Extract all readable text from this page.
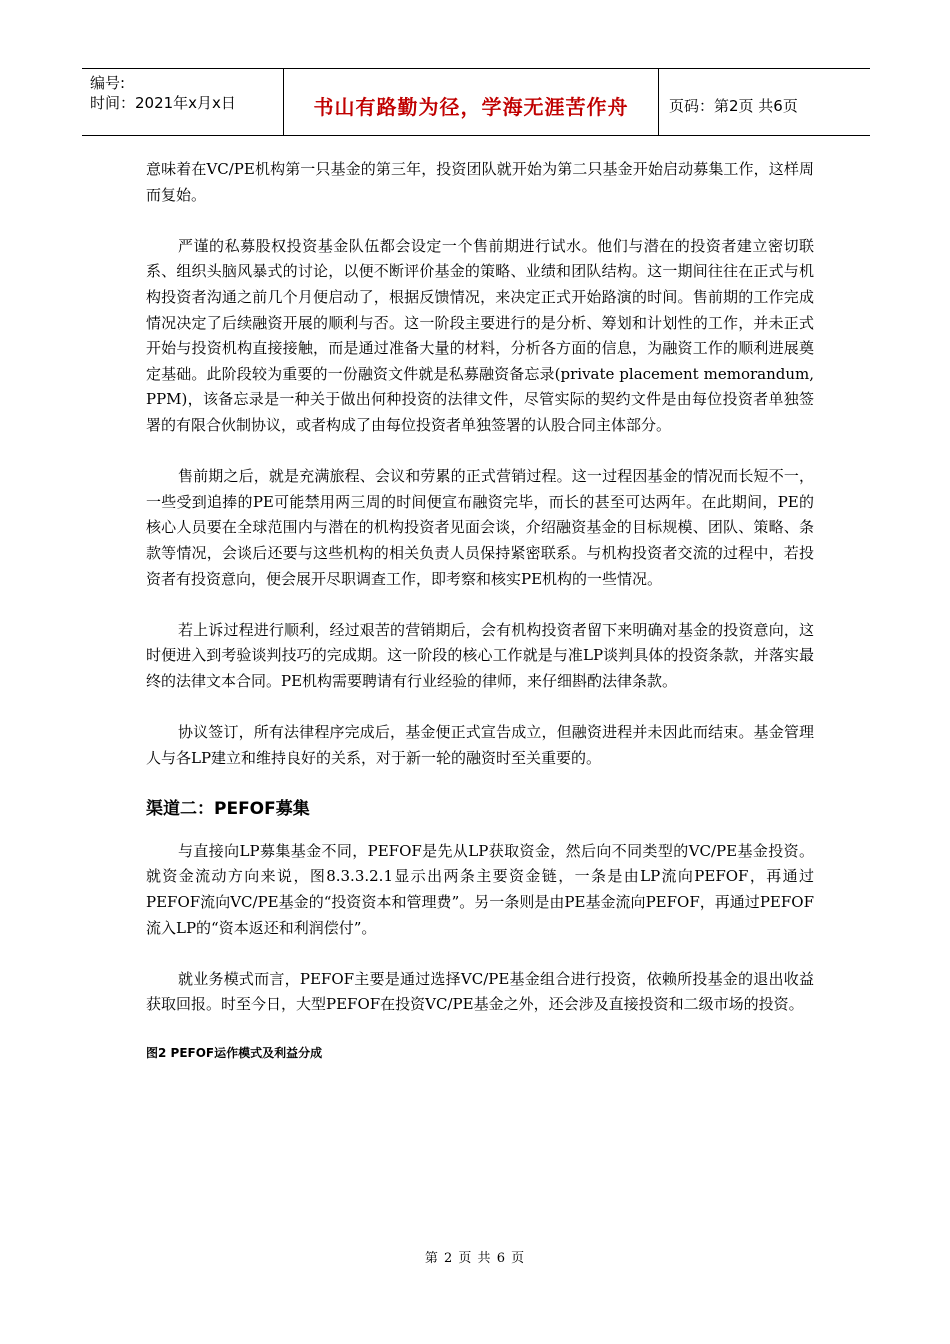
编号:
时间：2021年x月x日	书山有路勤为径，学海无涯苦作舟	页码：第2页 共6页

意味着在VC/PE机构第一只基金的第三年，投资团队就开始为第二只基金开始启动募集工作，这样周而复始。

严谨的私募股权投资基金队伍都会设定一个售前期进行试水。他们与潜在的投资者建立密切联系、组织头脑风暴式的讨论，以便不断评价基金的策略、业绩和团队结构。这一期间往往在正式与机构投资者沟通之前几个月便启动了，根据反馈情况，来决定正式开始路演的时间。售前期的工作完成情况决定了后续融资开展的顺利与否。这一阶段主要进行的是分析、筹划和计划性的工作，并未正式开始与投资机构直接接触，而是通过准备大量的材料，分析各方面的信息，为融资工作的顺利进展奠定基础。此阶段较为重要的一份融资文件就是私募融资备忘录(private placement memorandum, PPM)，该备忘录是一种关于做出何种投资的法律文件，尽管实际的契约文件是由每位投资者单独签署的有限合伙制协议，或者构成了由每位投资者单独签署的认股合同主体部分。

售前期之后，就是充满旅程、会议和劳累的正式营销过程。这一过程因基金的情况而长短不一，一些受到追捧的PE可能禁用两三周的时间便宣布融资完毕，而长的甚至可达两年。在此期间，PE的核心人员要在全球范围内与潜在的机构投资者见面会谈，介绍融资基金的目标规模、团队、策略、条款等情况，会谈后还要与这些机构的相关负责人员保持紧密联系。与机构投资者交流的过程中，若投资者有投资意向，便会展开尽职调查工作，即考察和核实PE机构的一些情况。

若上诉过程进行顺利，经过艰苦的营销期后，会有机构投资者留下来明确对基金的投资意向，这时便进入到考验谈判技巧的完成期。这一阶段的核心工作就是与准LP谈判具体的投资条款，并落实最终的法律文本合同。PE机构需要聘请有行业经验的律师，来仔细斟酌法律条款。

协议签订，所有法律程序完成后，基金便正式宣告成立，但融资进程并未因此而结束。基金管理人与各LP建立和维持良好的关系，对于新一轮的融资时至关重要的。

渠道二：PEFOF募集

与直接向LP募集基金不同，PEFOF是先从LP获取资金，然后向不同类型的VC/PE基金投资。就资金流动方向来说，图8.3.3.2.1显示出两条主要资金链，一条是由LP流向PEFOF，再通过PEFOF流向VC/PE基金的“投资资本和管理费”。另一条则是由PE基金流向PEFOF，再通过PEFOF流入LP的“资本返还和利润偿付”。

就业务模式而言，PEFOF主要是通过选择VC/PE基金组合进行投资，依赖所投基金的退出收益获取回报。时至今日，大型PEFOF在投资VC/PE基金之外，还会涉及直接投资和二级市场的投资。

图2 PEFOF运作模式及利益分成
第 2 页 共 6 页
